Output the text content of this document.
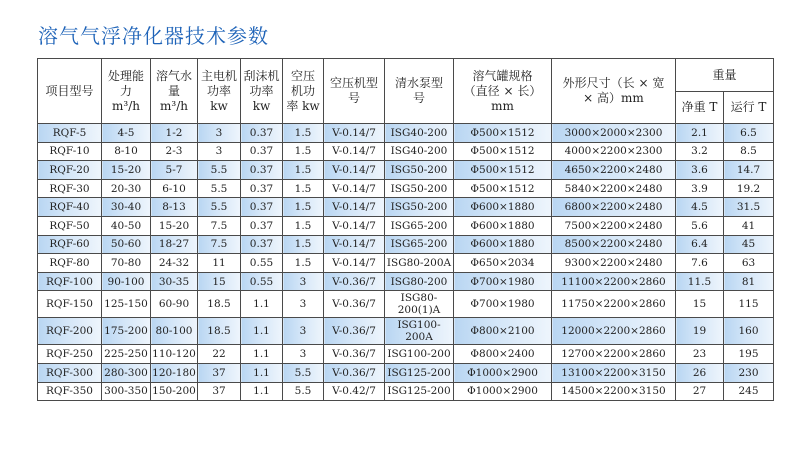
溶气气浮净化器技术参数
项目型号	处理能
力
m³/h	溶气水
量
m³/h	主电机
功率
kw	刮沫机
功率
kw	空压
机功
率 kw	空压机型
号	清水泵型
号	溶气罐规格
（直径 × 长）
mm	外形尺寸（长 × 宽
× 高）mm	重量	
										净重 T	运行 T
RQF-5	4-5	1-2	3	0.37	1.5	V-0.14/7	ISG40-200	Φ500×1512	3000×2000×2300	2.1	6.5
RQF-10	8-10	2-3	3	0.37	1.5	V-0.14/7	ISG40-200	Φ500×1512	4000×2200×2300	3.2	8.5
RQF-20	15-20	5-7	5.5	0.37	1.5	V-0.14/7	ISG50-200	Φ500×1512	4650×2200×2480	3.6	14.7
RQF-30	20-30	6-10	5.5	0.37	1.5	V-0.14/7	ISG50-200	Φ500×1512	5840×2200×2480	3.9	19.2
RQF-40	30-40	8-13	5.5	0.37	1.5	V-0.14/7	ISG50-200	Φ600×1880	6800×2200×2480	4.5	31.5
RQF-50	40-50	15-20	7.5	0.37	1.5	V-0.14/7	ISG65-200	Φ600×1880	7500×2200×2480	5.6	41
RQF-60	50-60	18-27	7.5	0.37	1.5	V-0.14/7	ISG65-200	Φ600×1880	8500×2200×2480	6.4	45
RQF-80	70-80	24-32	11	0.55	1.5	V-0.14/7	ISG80-200A	Φ650×2034	9300×2200×2480	7.6	63
RQF-100	90-100	30-35	15	0.55	3	V-0.36/7	ISG80-200	Φ700×1980	11100×2200×2860	11.5	81
RQF-150	125-150	60-90	18.5	1.1	3	V-0.36/7	ISG80-200(1)A	Φ700×1980	11750×2200×2860	15	115
RQF-200	175-200	80-100	18.5	1.1	3	V-0.36/7	ISG100-200A	Φ800×2100	12000×2200×2860	19	160
RQF-250	225-250	110-120	22	1.1	3	V-0.36/7	ISG100-200	Φ800×2400	12700×2200×2860	23	195
RQF-300	280-300	120-180	37	1.1	5.5	V-0.36/7	ISG125-200	Φ1000×2900	13100×2200×3150	26	230
RQF-350	300-350	150-200	37	1.1	5.5	V-0.42/7	ISG125-200	Φ1000×2900	14500×2200×3150	27	245
